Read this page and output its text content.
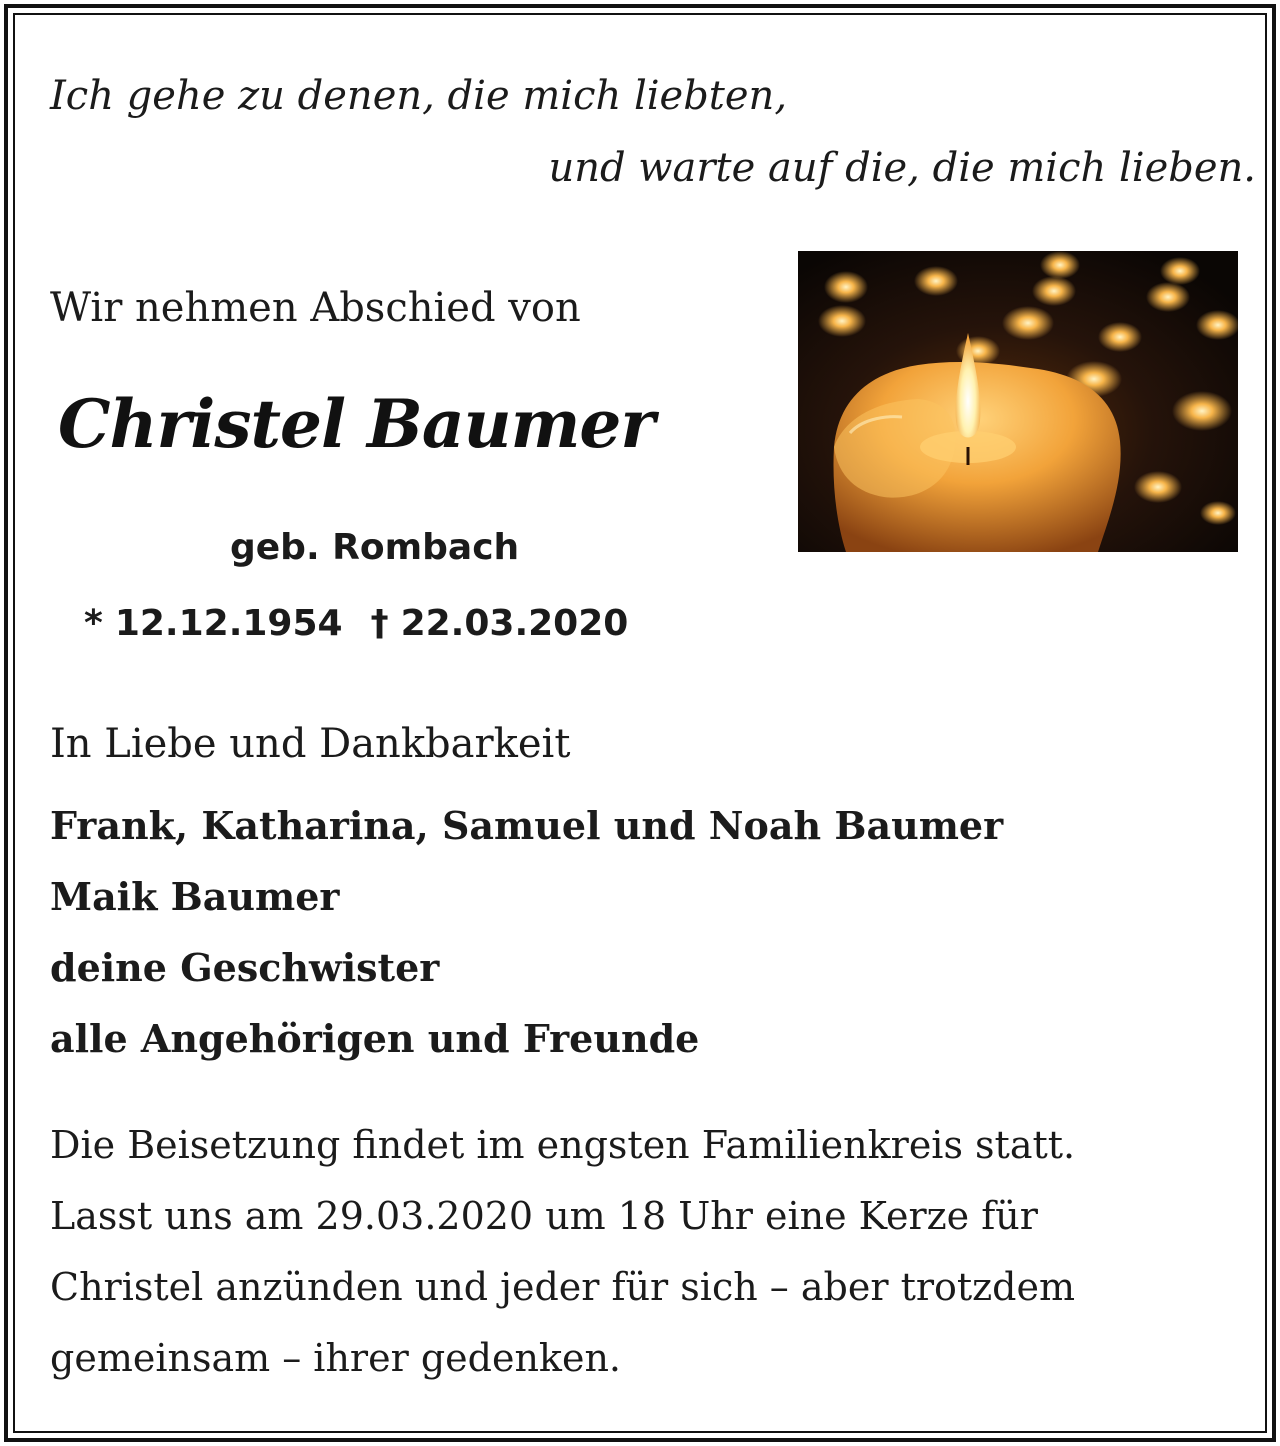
Ich gehe zu denen, die mich liebten,
und warte auf die, die mich lieben.
Wir nehmen Abschied von
Christel Baumer
geb. Rombach
* 12.12.1954 † 22.03.2020
In Liebe und Dankbarkeit
Frank, Katharina, Samuel und Noah Baumer
Maik Baumer
deine Geschwister
alle Angehörigen und Freunde
Die Beisetzung findet im engsten Familienkreis statt.
Lasst uns am 29.03.2020 um 18 Uhr eine Kerze für
Christel anzünden und jeder für sich – aber trotzdem
gemeinsam – ihrer gedenken.
